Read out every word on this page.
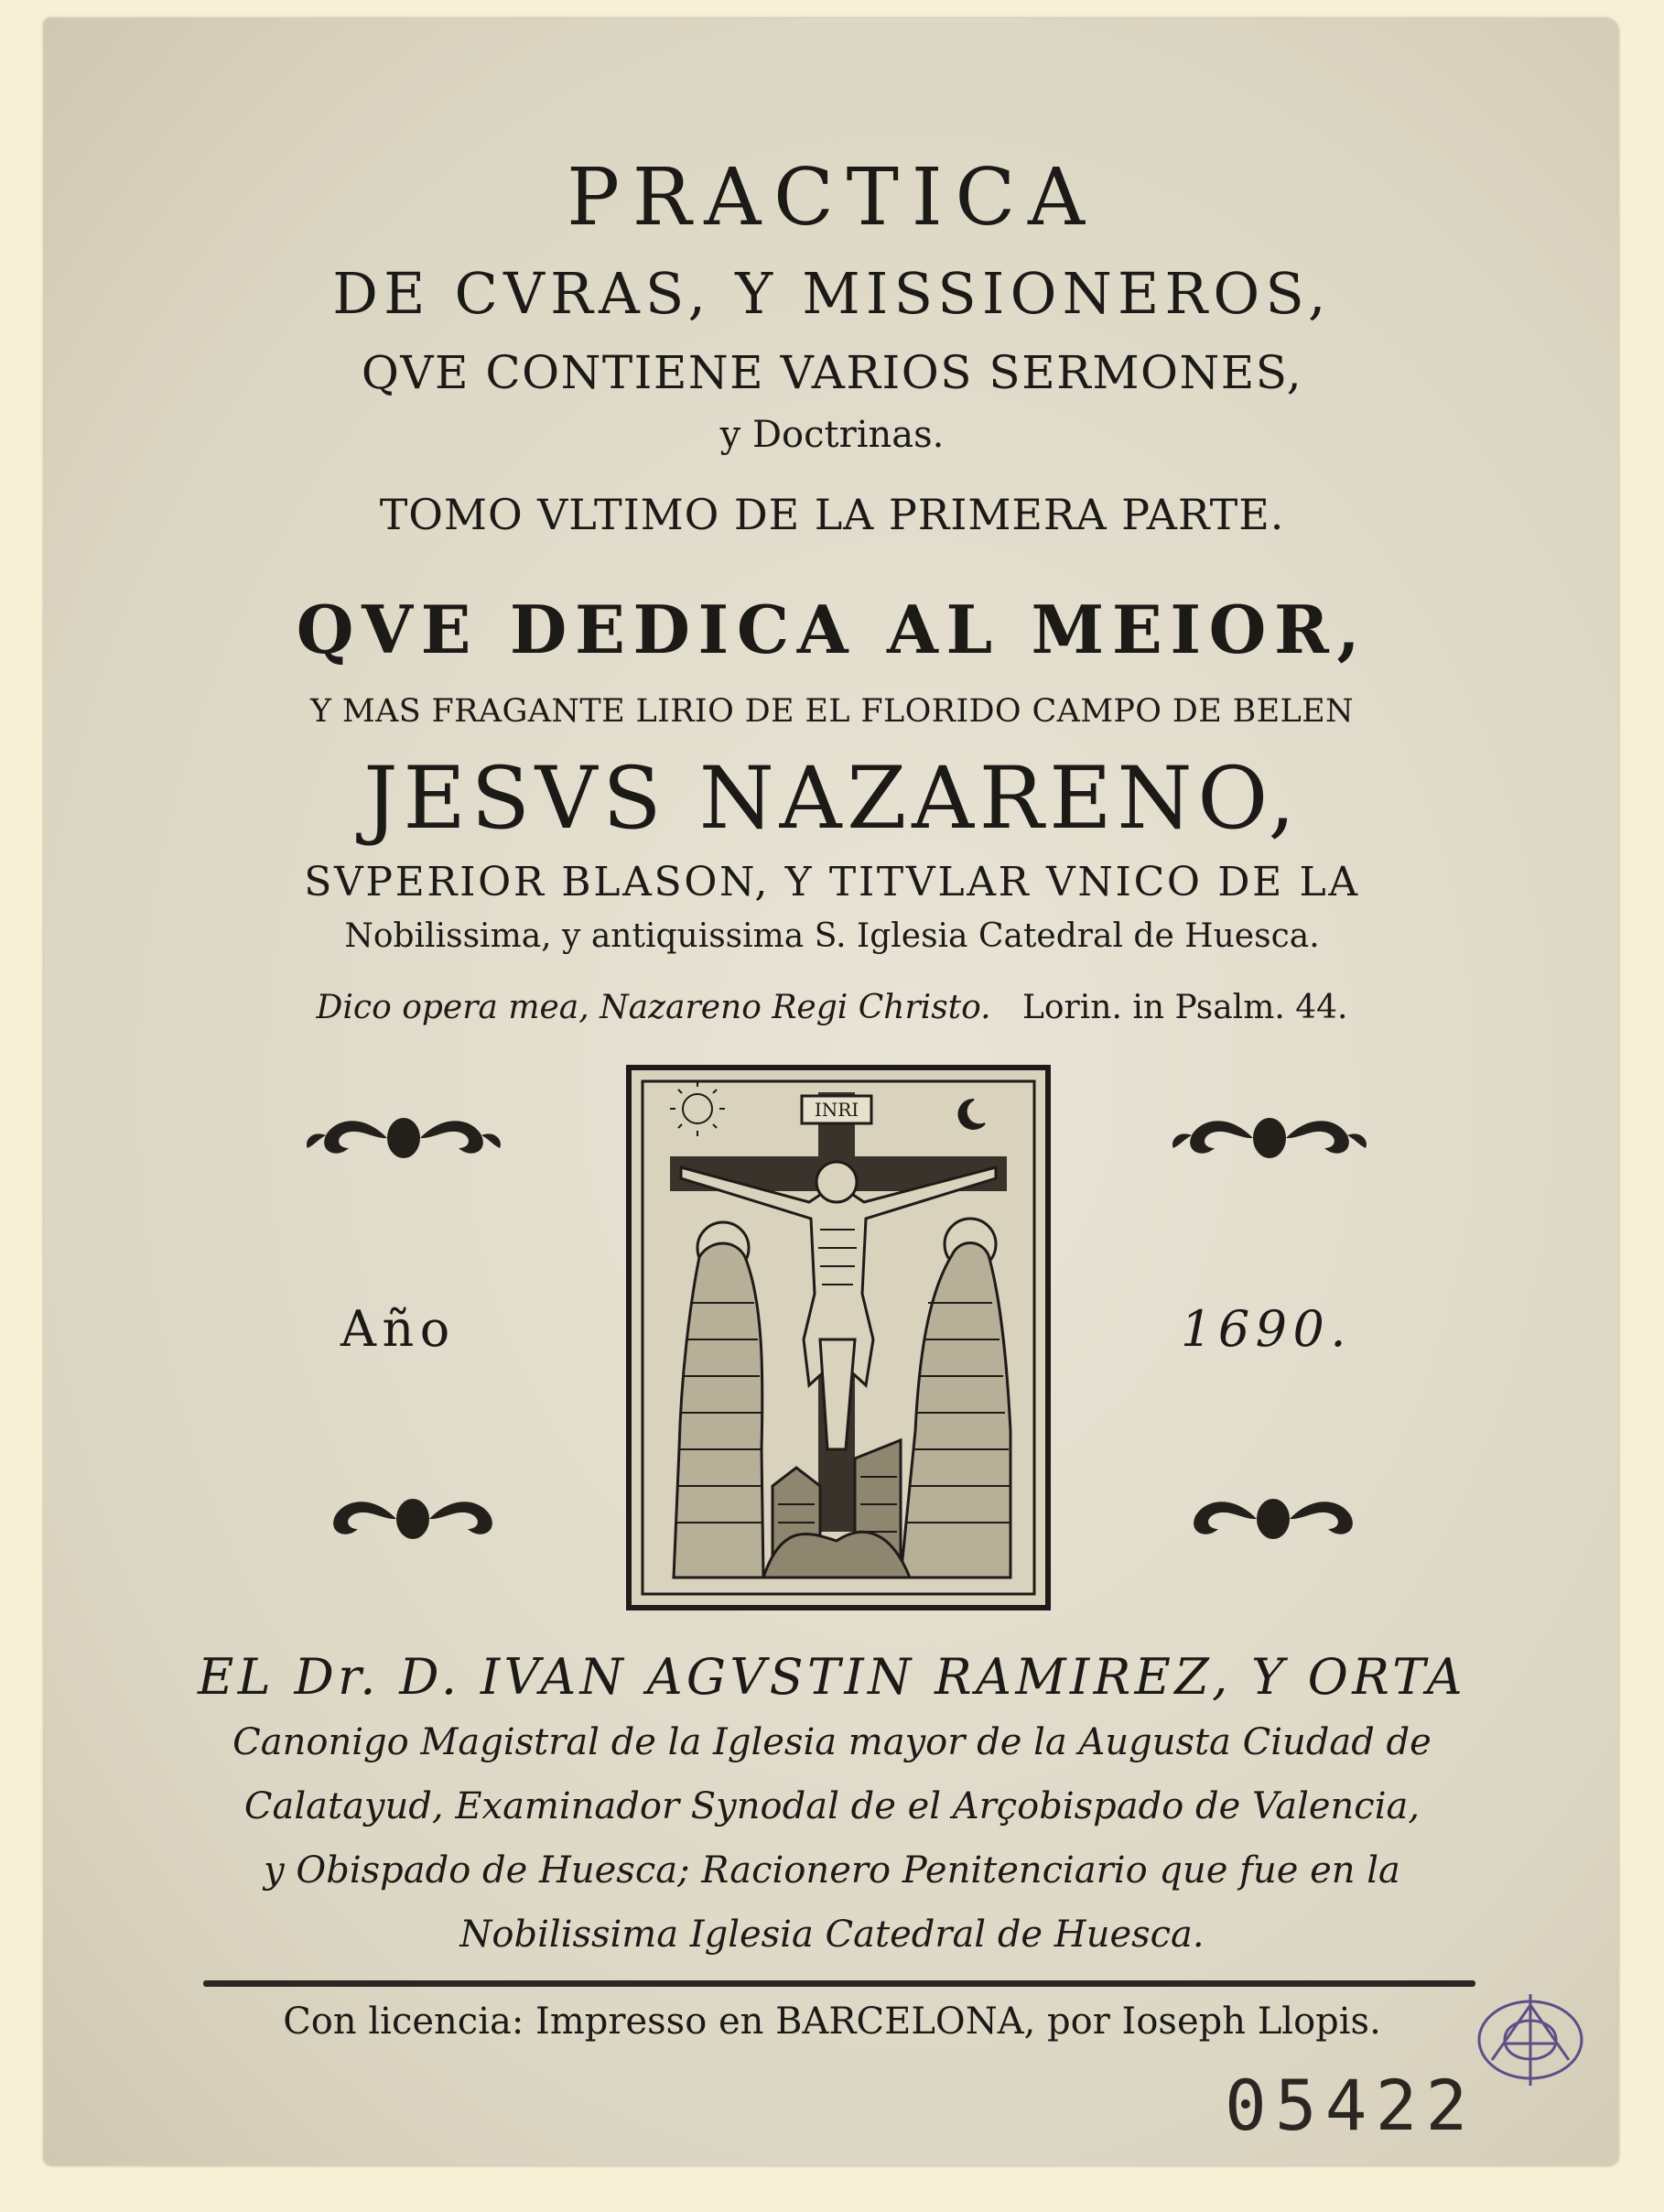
PRACTICA
DE CVRAS, Y MISSIONEROS,
QVE CONTIENE VARIOS SERMONES,
y Doctrinas.
TOMO VLTIMO DE LA PRIMERA PARTE.
QVE DEDICA AL MEIOR,
Y MAS FRAGANTE LIRIO DE EL FLORIDO CAMPO DE BELEN
JESVS NAZARENO,
SVPERIOR BLASON, Y TITVLAR VNICO DE LA
Nobilissima, y antiquissima S. Iglesia Catedral de Huesca.
Dico opera mea, Nazareno Regi Christo. Lorin. in Psalm. 44.
Año	1690.
INRI
EL Dr. D. IVAN AGVSTIN RAMIREZ, Y ORTA
Canonigo Magistral de la Iglesia mayor de la Augusta Ciudad de
Calatayud, Examinador Synodal de el Arçobispado de Valencia,
y Obispado de Huesca; Racionero Penitenciario que fue en la
Nobilissima Iglesia Catedral de Huesca.
Con licencia: Impresso en BARCELONA, por Ioseph Llopis.
05422
